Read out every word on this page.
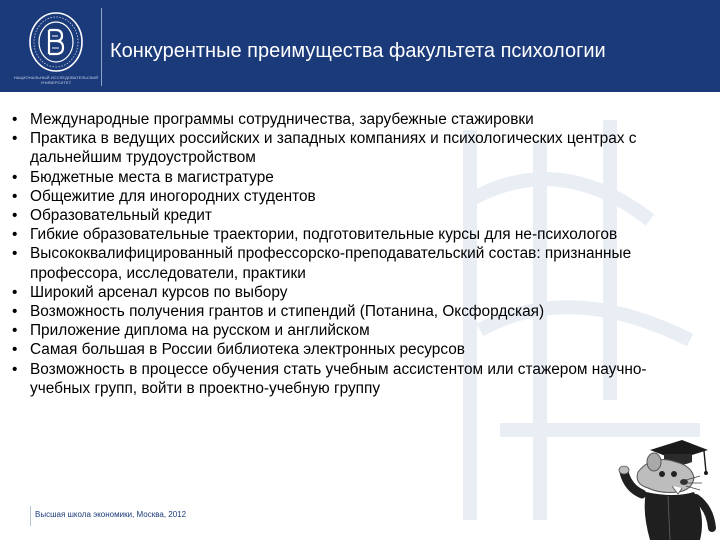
НАЦИОНАЛЬНЫЙ ИССЛЕДОВАТЕЛЬСКИЙ УНИВЕРСИТЕТ
Конкурентные преимущества факультета психологии
• Международные программы сотрудничества, зарубежные стажировки
• Практика в ведущих российских и западных компаниях и психологических центрах с дальнейшим трудоустройством
• Бюджетные места в магистратуре
• Общежитие для иногородних студентов
• Образовательный кредит
• Гибкие образовательные траектории, подготовительные курсы для не-психологов
• Высококвалифицированный профессорско-преподавательский состав: признанные профессора, исследователи, практики
• Широкий арсенал курсов по выбору
• Возможность получения грантов и стипендий (Потанина, Оксфордская)
• Приложение диплома на русском и английском
• Самая большая в России библиотека электронных ресурсов
• Возможность в процессе обучения стать учебным ассистентом или стажером научно-учебных групп, войти в проектно-учебную группу
Высшая школа экономики, Москва, 2012
